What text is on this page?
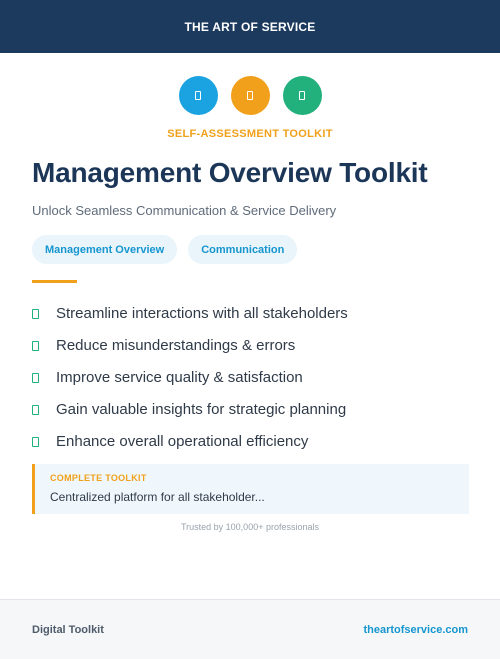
THE ART OF SERVICE
SELF-ASSESSMENT TOOLKIT
Management Overview Toolkit
Unlock Seamless Communication & Service Delivery
Management Overview	Communication
Streamline interactions with all stakeholders
Reduce misunderstandings & errors
Improve service quality & satisfaction
Gain valuable insights for strategic planning
Enhance overall operational efficiency
COMPLETE TOOLKIT
Centralized platform for all stakeholder...
Trusted by 100,000+ professionals
Digital Toolkit	theartofservice.com
